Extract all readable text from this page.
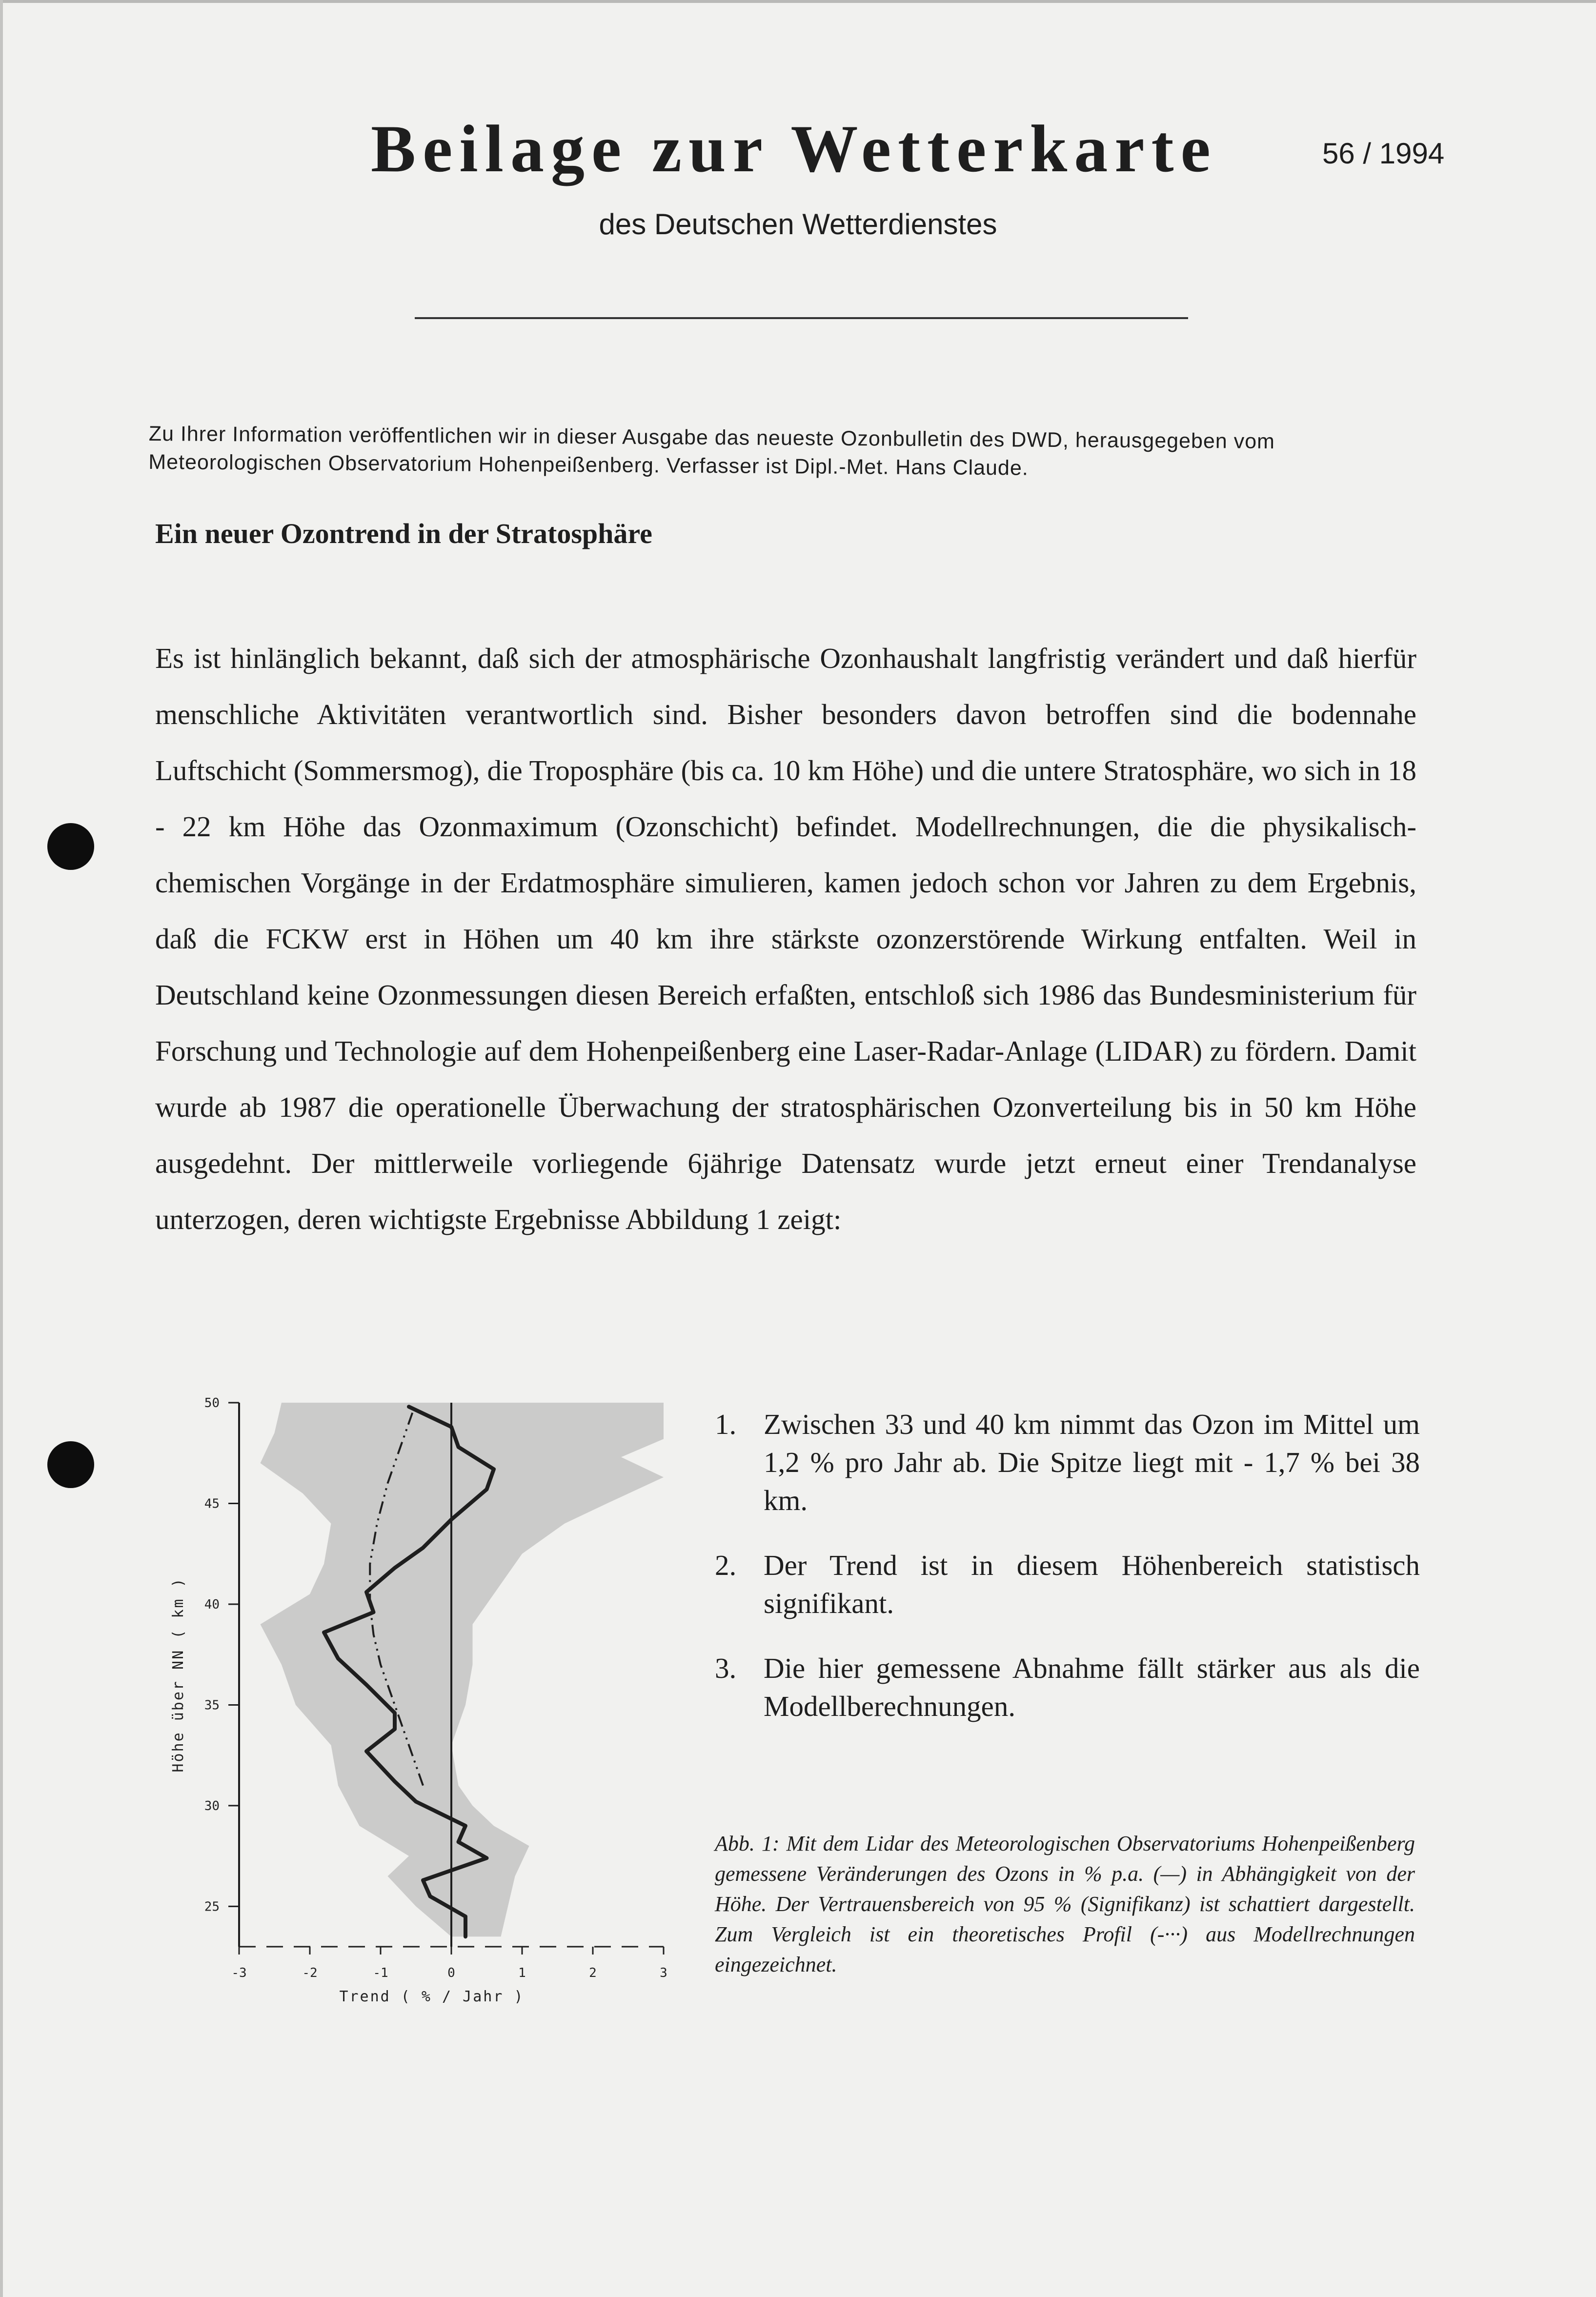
Beilage zur Wetterkarte	56 / 1994
des Deutschen Wetterdienstes
Zu Ihrer Information veröffentlichen wir in dieser Ausgabe das neueste Ozonbulletin des DWD, herausgegeben vom Meteorologischen Observatorium Hohenpeißenberg. Verfasser ist Dipl.-Met. Hans Claude.
Ein neuer Ozontrend in der Stratosphäre

Es ist hinlänglich bekannt, daß sich der atmosphärische Ozonhaushalt langfristig verändert und daß hierfür menschliche Aktivitäten verantwortlich sind. Bisher besonders davon betroffen sind die bodennahe Luftschicht (Sommersmog), die Troposphäre (bis ca. 10 km Höhe) und die untere Stratosphäre, wo sich in 18 - 22 km Höhe das Ozonmaximum (Ozonschicht) befindet. Modellrechnungen, die die physikalisch-chemischen Vorgänge in der Erdatmosphäre simulieren, kamen jedoch schon vor Jahren zu dem Ergebnis, daß die FCKW erst in Höhen um 40 km ihre stärkste ozonzerstörende Wirkung entfalten. Weil in Deutschland keine Ozonmessungen diesen Bereich erfaßten, entschloß sich 1986 das Bundesministerium für Forschung und Technologie auf dem Hohenpeißenberg eine Laser-Radar-Anlage (LIDAR) zu fördern. Damit wurde ab 1987 die operationelle Überwachung der stratosphärischen Ozonverteilung bis in 50 km Höhe ausgedehnt. Der mittlerweile vorliegende 6jährige Datensatz wurde jetzt erneut einer Trendanalyse unterzogen, deren wichtigste Ergebnisse Abbildung 1 zeigt:

25
30
35
40
45
50
-3	-2	-1	0	1	2	3
Trend ( % / Jahr )
Höhe über NN ( km )
1. Zwischen 33 und 40 km nimmt das Ozon im Mittel um 1,2 % pro Jahr ab. Die Spitze liegt mit - 1,7 % bei 38 km.
2. Der Trend ist in diesem Höhenbereich statistisch signifikant.
3. Die hier gemessene Abnahme fällt stärker aus als die Modellberechnungen.
Abb. 1: Mit dem Lidar des Meteorologischen Observatoriums Hohenpeißenberg gemessene Veränderungen des Ozons in % p.a. (—) in Abhängigkeit von der Höhe. Der Vertrauensbereich von 95 % (Signifikanz) ist schattiert dargestellt. Zum Vergleich ist ein theoretisches Profil (-···) aus Modellrechnungen eingezeichnet.
